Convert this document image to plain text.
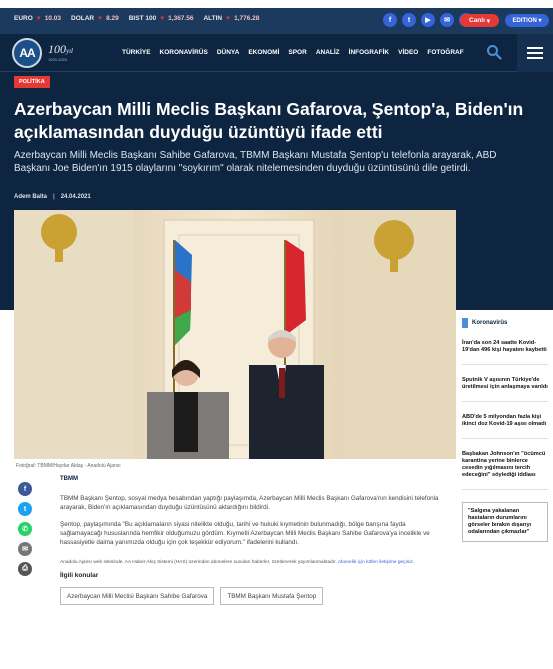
EURO ▼ 10.03 DOLAR ▼ 8.29 BIST 100 ▼ 1,367.56 ALTIN ▼ 1,776.28	f	t	▶	✉	Canlı
▾	EDITION
▾
AA 100yıl
1920-2020
TÜRKİYE KORONAVİRÜS DÜNYA EKONOMİ SPOR ANALİZ İNFOGRAFİK VİDEO FOTOĞRAF
POLİTİKA
Azerbaycan Milli Meclis Başkanı Gafarova, Şentop'a, Biden'ın açıklamasından duyduğu üzüntüyü ifade etti

Azerbaycan Milli Meclis Başkanı Sahibe Gafarova, TBMM Başkanı Mustafa Şentop'u telefonla arayarak, ABD Başkanı Joe Biden'ın 1915 olaylarını "soykırım" olarak nitelemesinden duyduğu üzüntüsünü dile getirdi.

Adem Balta | 24.04.2021
Fotoğraf: TBMM/Haydar Aktaş - Anadolu Ajansı
f
t
✆
✉
⎙
TBMM

TBMM Başkanı Şentop, sosyal medya hesabından yaptığı paylaşımda, Azerbaycan Milli Meclis Başkanı Gafarova'nın kendisini telefonla arayarak, Biden'ın açıklamasından duyduğu üzüntüsünü aktardığını bildirdi.

Şentop, paylaşımında "Bu açıklamaların siyasi nitelikte olduğu, tarihi ve hukuki kıymetinin bulunmadığı, bölge barışına fayda sağlamayacağı hususlarında hemfikir olduğumuzu gördüm. Kıymetli Azerbaycan Milli Meclis Başkanı Sahibe Gafarova'ya incelikle ve hassasiyetle daima yanımızda olduğu için çok teşekkür ediyorum." ifadelerini kullandı.

Anadolu Ajansı web sitesinde, AA Haber Akış Sistemi (HAS) üzerinden abonelere sunulan haberler, özetlenerek yayımlanmaktadır. Abonelik için lütfen iletişime geçiniz.

İlgili konular
Azerbaycan Milli Meclisi Başkanı Sahibe Gafarova	TBMM Başkanı Mustafa Şentop
Koronavirüs
İran'da son 24 saatte Kovid-19'dan 496 kişi hayatını kaybetti
Sputnik V aşısının Türkiye'de üretilmesi için anlaşmaya varıldı
ABD'de 5 milyondan fazla kişi ikinci doz Kovid-19 aşısı olmadı
Başbakan Johnson'ın "öcümcü karantina yerine binlerce cesedin yığılmasını tercih edeceğini" söylediği iddiası
"Salgına yakalanan hastaların durumlarını görseler bırakın dışarıyı odalarından çıkmazlar"
